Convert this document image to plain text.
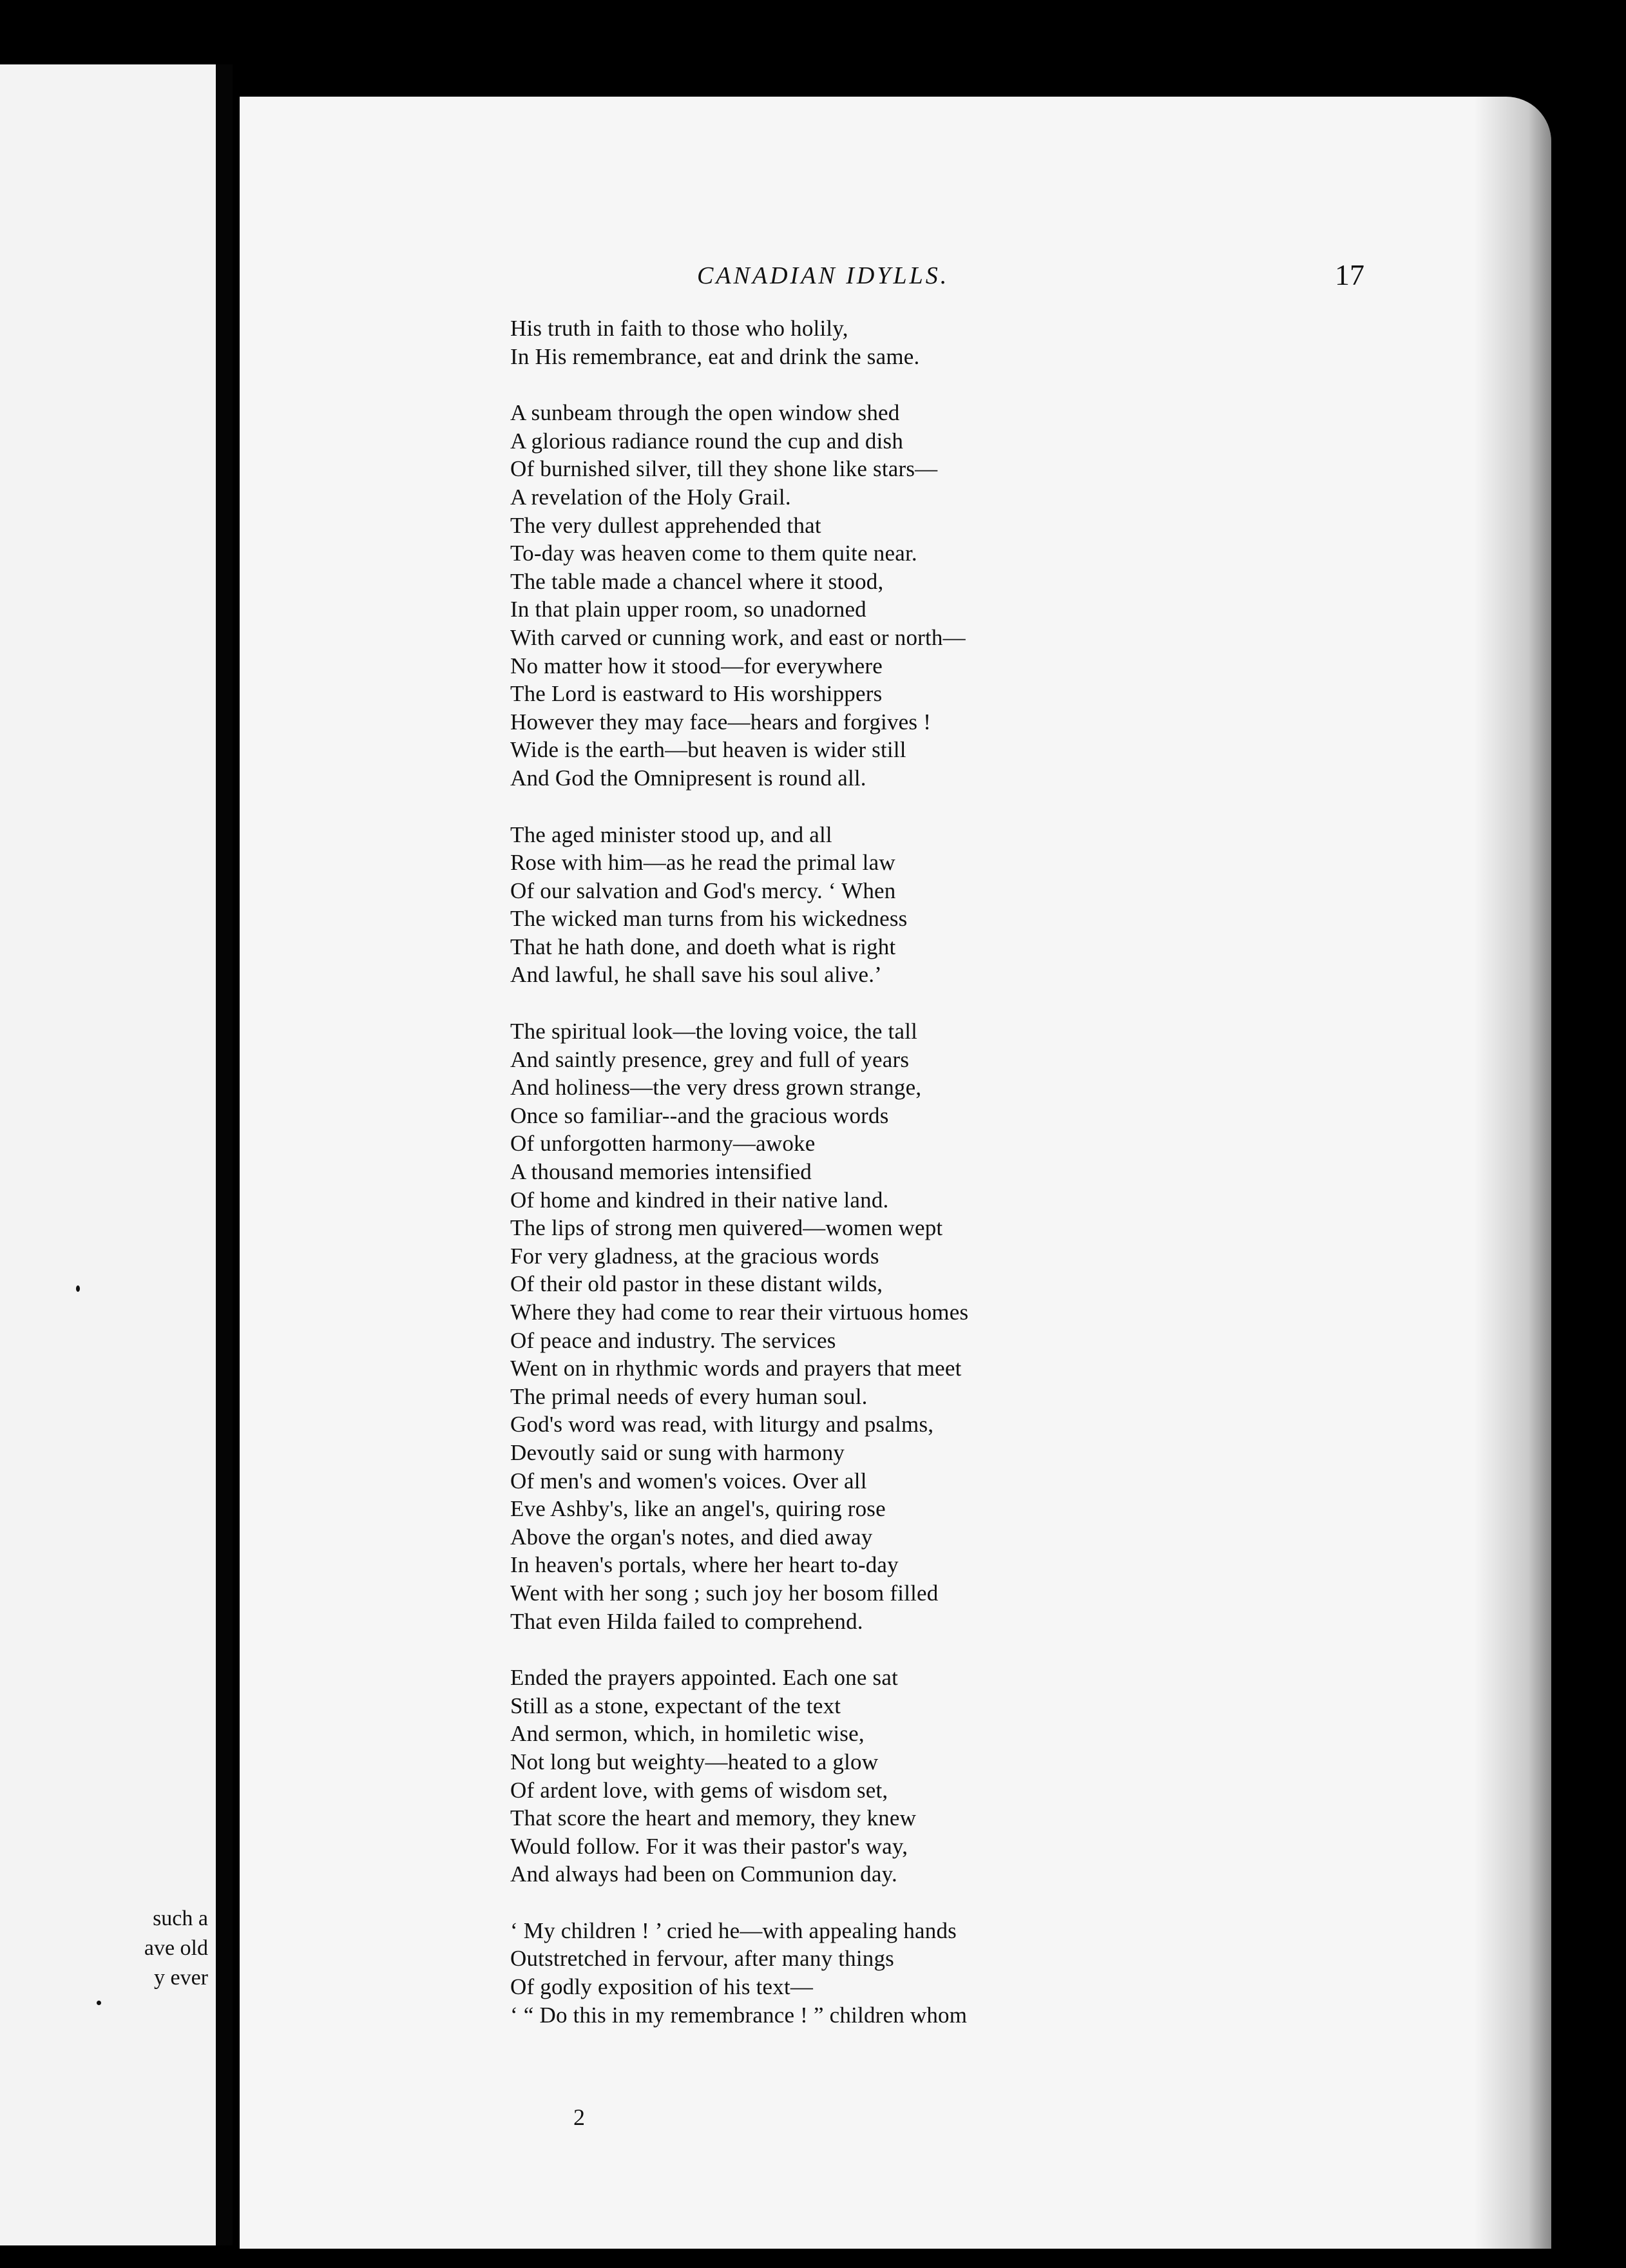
such a
ave old
y ever
CANADIAN IDYLLS.	17
His truth in faith to those who holily,
In His remembrance, eat and drink the same.
A sunbeam through the open window shed
A glorious radiance round the cup and dish
Of burnished silver, till they shone like stars—
A revelation of the Holy Grail.
The very dullest apprehended that
To-day was heaven come to them quite near.
The table made a chancel where it stood,
In that plain upper room, so unadorned
With carved or cunning work, and east or north—
No matter how it stood—for everywhere
The Lord is eastward to His worshippers
However they may face—hears and forgives !
Wide is the earth—but heaven is wider still
And God the Omnipresent is round all.
The aged minister stood up, and all
Rose with him—as he read the primal law
Of our salvation and God's mercy. ‘ When
The wicked man turns from his wickedness
That he hath done, and doeth what is right
And lawful, he shall save his soul alive.’
The spiritual look—the loving voice, the tall
And saintly presence, grey and full of years
And holiness—the very dress grown strange,
Once so familiar--and the gracious words
Of unforgotten harmony—awoke
A thousand memories intensified
Of home and kindred in their native land.
The lips of strong men quivered—women wept
For very gladness, at the gracious words
Of their old pastor in these distant wilds,
Where they had come to rear their virtuous homes
Of peace and industry. The services
Went on in rhythmic words and prayers that meet
The primal needs of every human soul.
God's word was read, with liturgy and psalms,
Devoutly said or sung with harmony
Of men's and women's voices. Over all
Eve Ashby's, like an angel's, quiring rose
Above the organ's notes, and died away
In heaven's portals, where her heart to-day
Went with her song ; such joy her bosom filled
That even Hilda failed to comprehend.
Ended the prayers appointed. Each one sat
Still as a stone, expectant of the text
And sermon, which, in homiletic wise,
Not long but weighty—heated to a glow
Of ardent love, with gems of wisdom set,
That score the heart and memory, they knew
Would follow. For it was their pastor's way,
And always had been on Communion day.
‘ My children ! ’ cried he—with appealing hands
Outstretched in fervour, after many things
Of godly exposition of his text—
‘ “ Do this in my remembrance ! ” children whom
2
